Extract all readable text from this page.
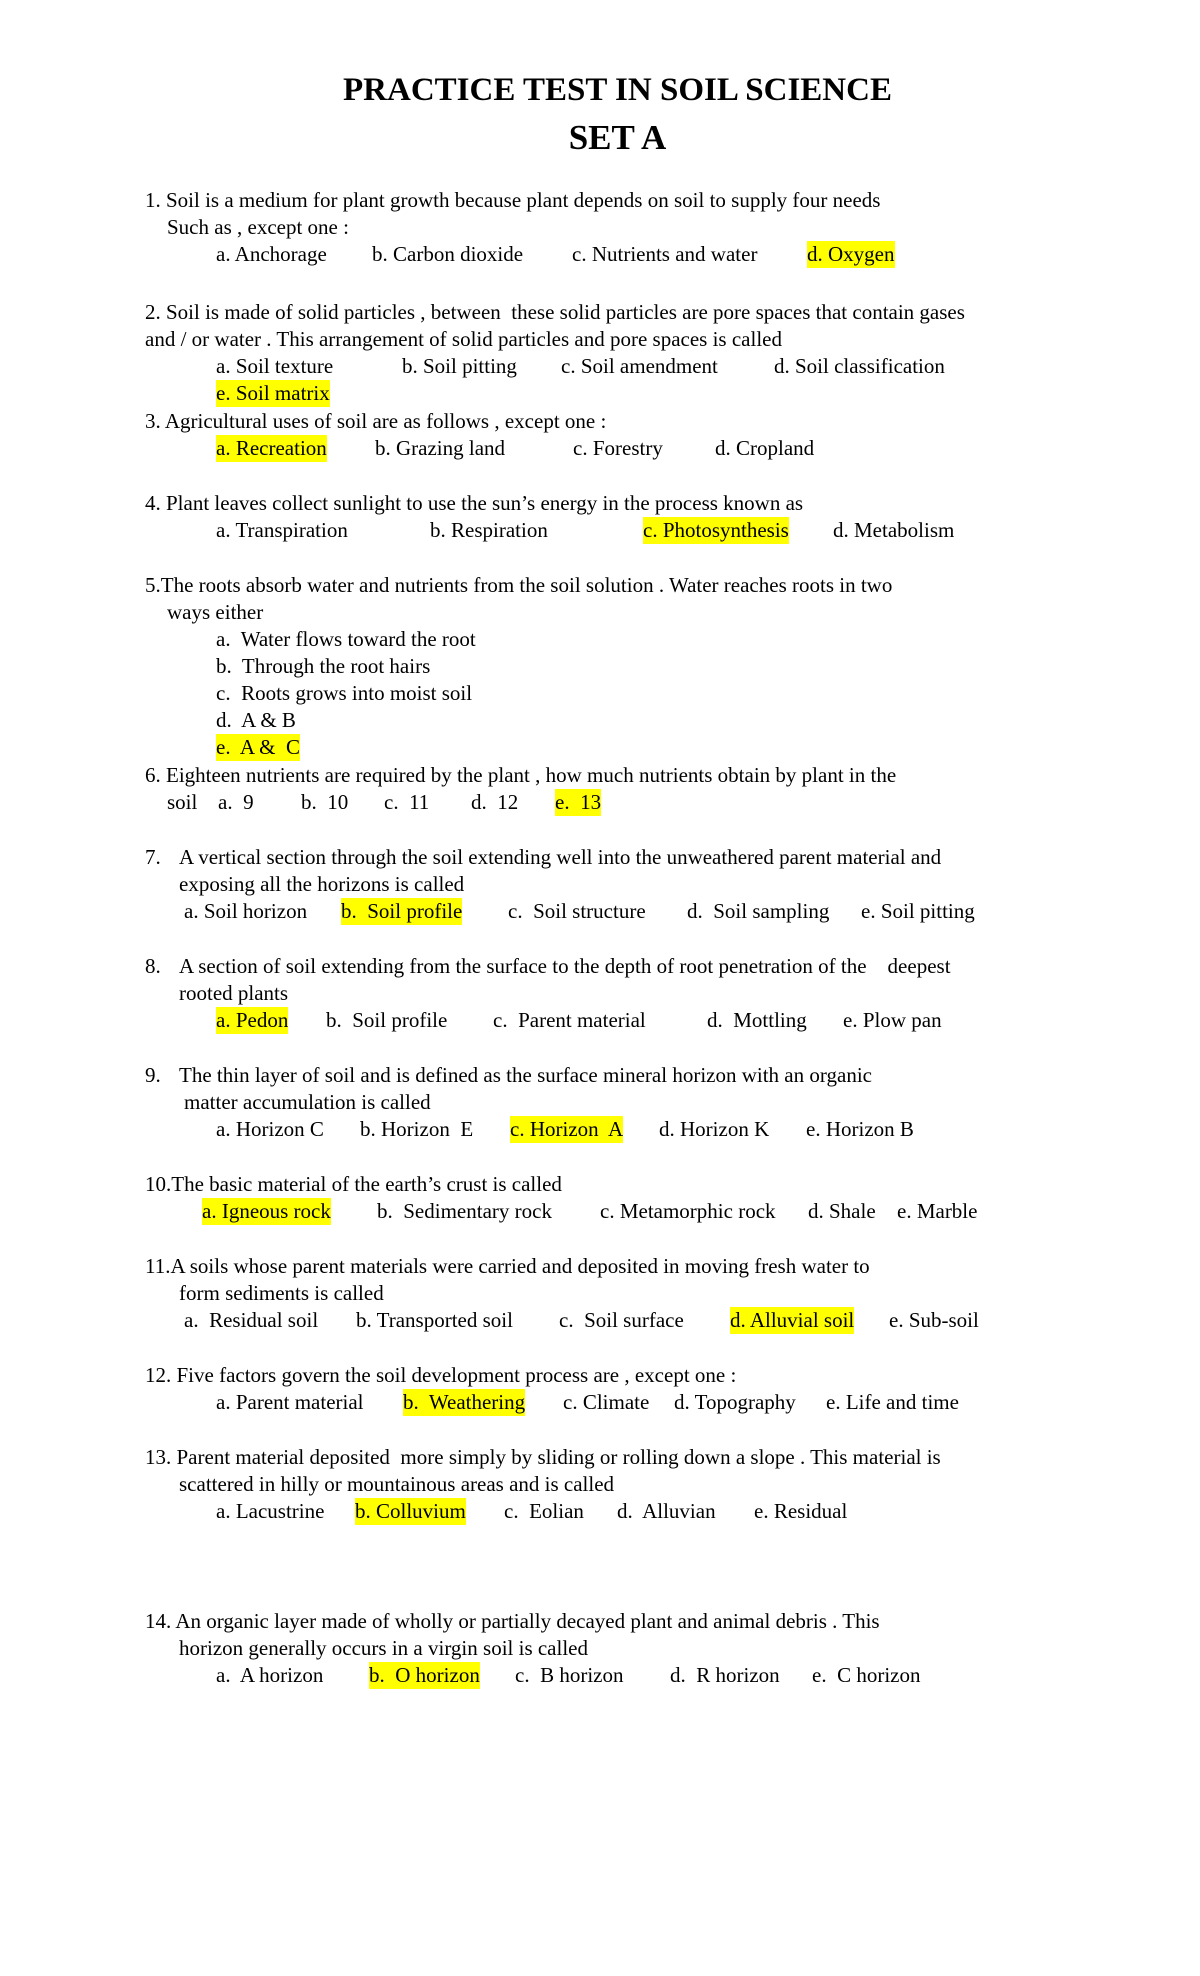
PRACTICE TEST IN SOIL SCIENCE
SET A
1. Soil is a medium for plant growth because plant depends on soil to supply four needs
Such as , except one :
a. Anchorage b. Carbon dioxide c. Nutrients and water d. Oxygen
2. Soil is made of solid particles , between  these solid particles are pore spaces that contain gases
and / or water . This arrangement of solid particles and pore spaces is called
a. Soil texture	b. Soil pitting c. Soil amendment	d. Soil classification
e. Soil matrix
3. Agricultural uses of soil are as follows , except one :
a. Recreation b. Grazing land	c. Forestry d. Cropland
4. Plant leaves collect sunlight to use the sun’s energy in the process known as
a. Transpiration	b. Respiration	c. Photosynthesis d. Metabolism
5.The roots absorb water and nutrients from the soil solution . Water reaches roots in two
ways either
a.  Water flows toward the root
b.  Through the root hairs
c.  Roots grows into moist soil
d.  A & B
e.  A &  C
6. Eighteen nutrients are required by the plant , how much nutrients obtain by plant in the
soil a.  9 b.  10 c.  11 d.  12 e.  13
7. A vertical section through the soil extending well into the unweathered parent material and
exposing all the horizons is called
a. Soil horizon b.  Soil profile c.  Soil structure d.  Soil sampling e. Soil pitting
8. A section of soil extending from the surface to the depth of root penetration of the    deepest
rooted plants
a. Pedon b.  Soil profile c.  Parent material	d.  Mottling e. Plow pan
9. The thin layer of soil and is defined as the surface mineral horizon with an organic
matter accumulation is called
a. Horizon C b. Horizon  E c. Horizon  A d. Horizon K e. Horizon B
10.The basic material of the earth’s crust is called
a. Igneous rock b.  Sedimentary rock c. Metamorphic rock d. Shale e. Marble
11.A soils whose parent materials were carried and deposited in moving fresh water to
form sediments is called
a.  Residual soil b. Transported soil c.  Soil surface d. Alluvial soil e. Sub-soil
12. Five factors govern the soil development process are , except one :
a. Parent material b.  Weathering c. Climate d. Topography e. Life and time
13. Parent material deposited  more simply by sliding or rolling down a slope . This material is
scattered in hilly or mountainous areas and is called
a. Lacustrine b. Colluvium c.  Eolian d.  Alluvian e. Residual
14. An organic layer made of wholly or partially decayed plant and animal debris . This
horizon generally occurs in a virgin soil is called
a.  A horizon b.  O horizon c.  B horizon d.  R horizon e.  C horizon
